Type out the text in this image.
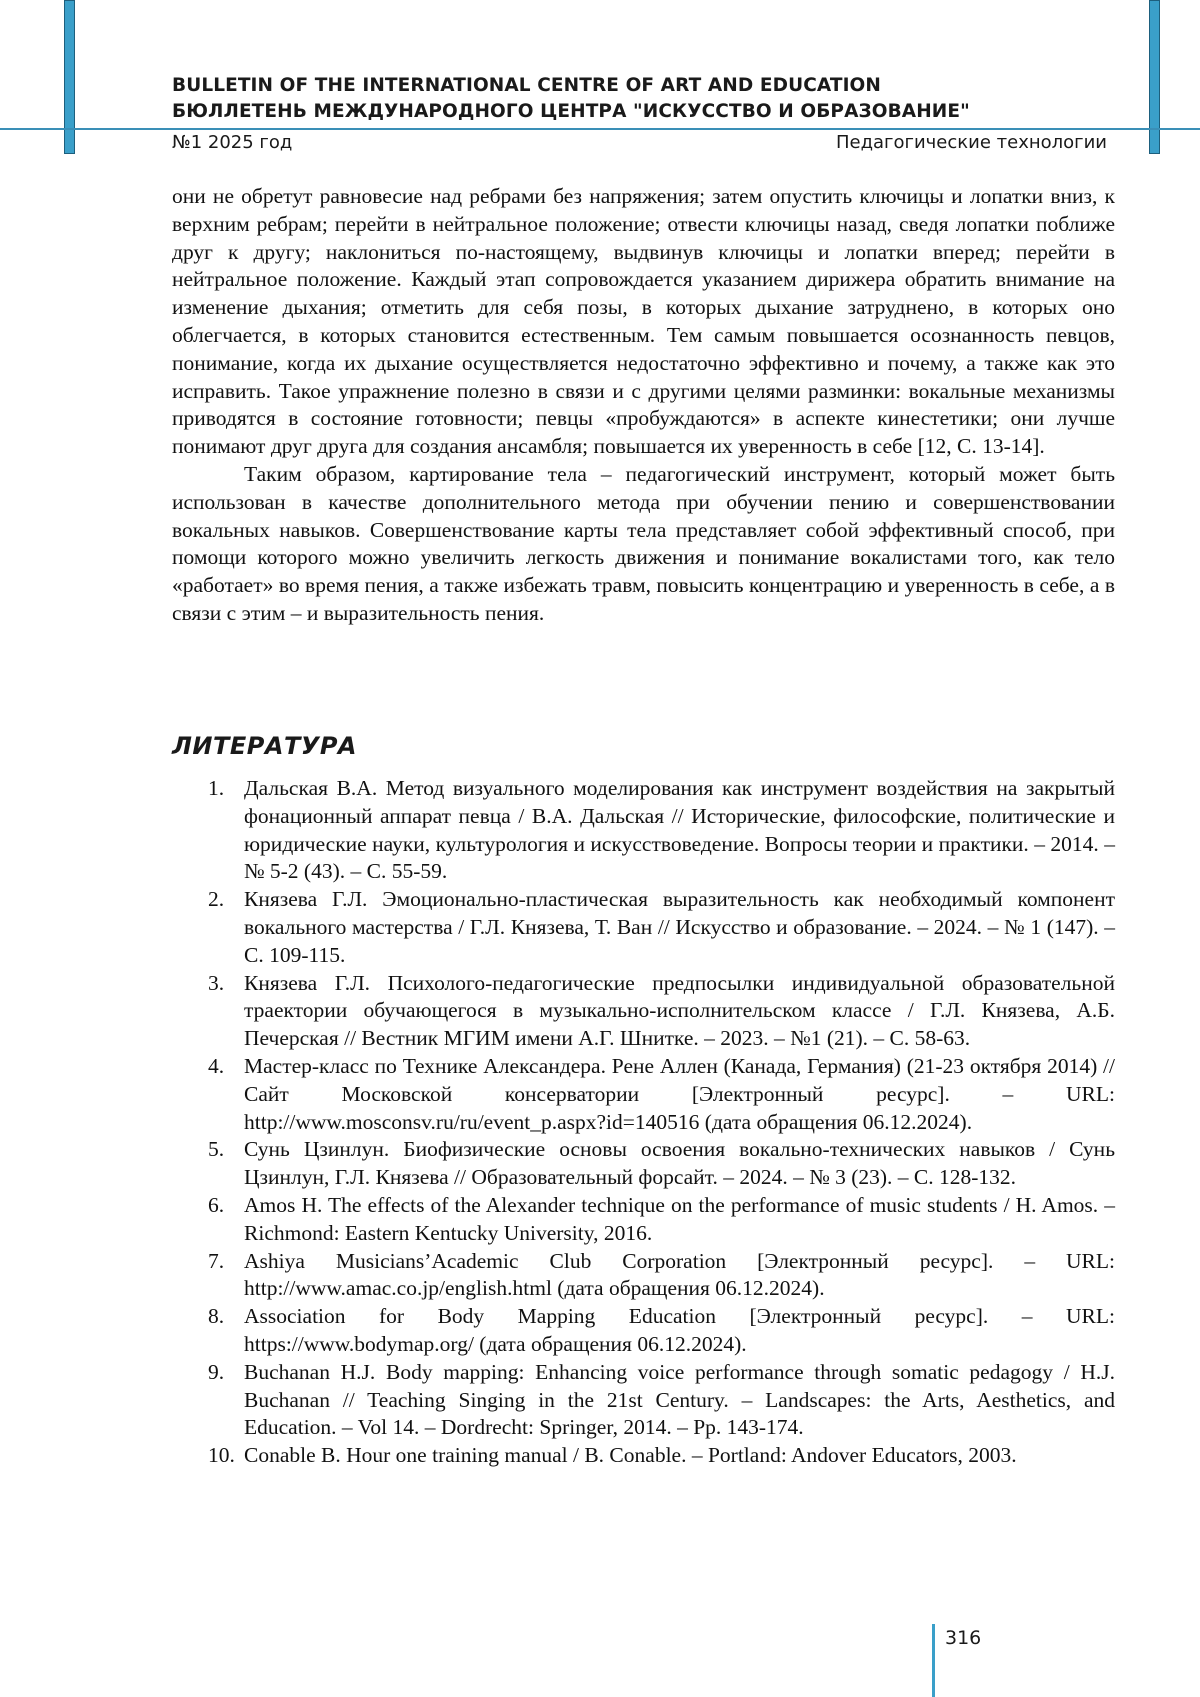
BULLETIN OF THE INTERNATIONAL CENTRE OF ART AND EDUCATION
БЮЛЛЕТЕНЬ МЕЖДУНАРОДНОГО ЦЕНТРА "ИСКУССТВО И ОБРАЗОВАНИЕ"
№1 2025 год	Педагогические технологии

они не обретут равновесие над ребрами без напряжения; затем опустить ключицы и лопатки вниз, к верхним ребрам; перейти в нейтральное положение; отвести ключицы назад, сведя лопатки поближе друг к другу; наклониться по-настоящему, выдвинув ключицы и лопатки вперед; перейти в нейтральное положение. Каждый этап сопровождается указанием дирижера обратить внимание на изменение дыхания; отметить для себя позы, в которых дыхание затруднено, в которых оно облегчается, в которых становится естественным. Тем самым повышается осознанность певцов, понимание, когда их дыхание осуществляется недостаточно эффективно и почему, а также как это исправить. Такое упражнение полезно в связи и с другими целями разминки: вокальные механизмы приводятся в состояние готовности; певцы «пробуждаются» в аспекте кинестетики; они лучше понимают друг друга для создания ансамбля; повышается их уверенность в себе [12, С. 13-14].

Таким образом, картирование тела – педагогический инструмент, который может быть использован в качестве дополнительного метода при обучении пению и совершенствовании вокальных навыков. Совершенствование карты тела представляет собой эффективный способ, при помощи которого можно увеличить легкость движения и понимание вокалистами того, как тело «работает» во время пения, а также избежать травм, повысить концентрацию и уверенность в себе, а в связи с этим – и выразительность пения.

ЛИТЕРАТУРА
1. Дальская В.А. Метод визуального моделирования как инструмент воздействия на закрытый фонационный аппарат певца / В.А. Дальская // Исторические, философские, политические и юридические науки, культурология и искусствоведение. Вопросы теории и практики. – 2014. – № 5-2 (43). – С. 55-59.
2. Князева Г.Л. Эмоционально-пластическая выразительность как необходимый компонент вокального мастерства / Г.Л. Князева, Т. Ван // Искусство и образование. – 2024. – № 1 (147). – С. 109-115.
3. Князева Г.Л. Психолого-педагогические предпосылки индивидуальной образовательной траектории обучающегося в музыкально-исполнительском классе / Г.Л. Князева, А.Б. Печерская // Вестник МГИМ имени А.Г. Шнитке. – 2023. – №1 (21). – С. 58-63.
4. Мастер-класс по Технике Александера. Рене Аллен (Канада, Германия) (21-23 октября 2014) // Сайт Московской консерватории [Электронный ресурс]. – URL: http://www.mosconsv.ru/ru/event_p.aspx?id=140516 (дата обращения 06.12.2024).
5. Сунь Цзинлун. Биофизические основы освоения вокально-технических навыков / Сунь Цзинлун, Г.Л. Князева // Образовательный форсайт. – 2024. – № 3 (23). – С. 128-132.
6. Amos H. The effects of the Alexander technique on the performance of music students / H. Amos. – Richmond: Eastern Kentucky University, 2016.
7. Ashiya Musicians’Academic Club Corporation [Электронный ресурс]. – URL: http://www.amac.co.jp/english.html (дата обращения 06.12.2024).
8. Association for Body Mapping Education [Электронный ресурс]. – URL: https://www.bodymap.org/ (дата обращения 06.12.2024).
9. Buchanan H.J. Body mapping: Enhancing voice performance through somatic pedagogy / H.J. Buchanan // Teaching Singing in the 21st Century. – Landscapes: the Arts, Aesthetics, and Education. – Vol 14. – Dordrecht: Springer, 2014. – Pp. 143-174.
10. Conable B. Hour one training manual / B. Conable. – Portland: Andover Educators, 2003.
316
